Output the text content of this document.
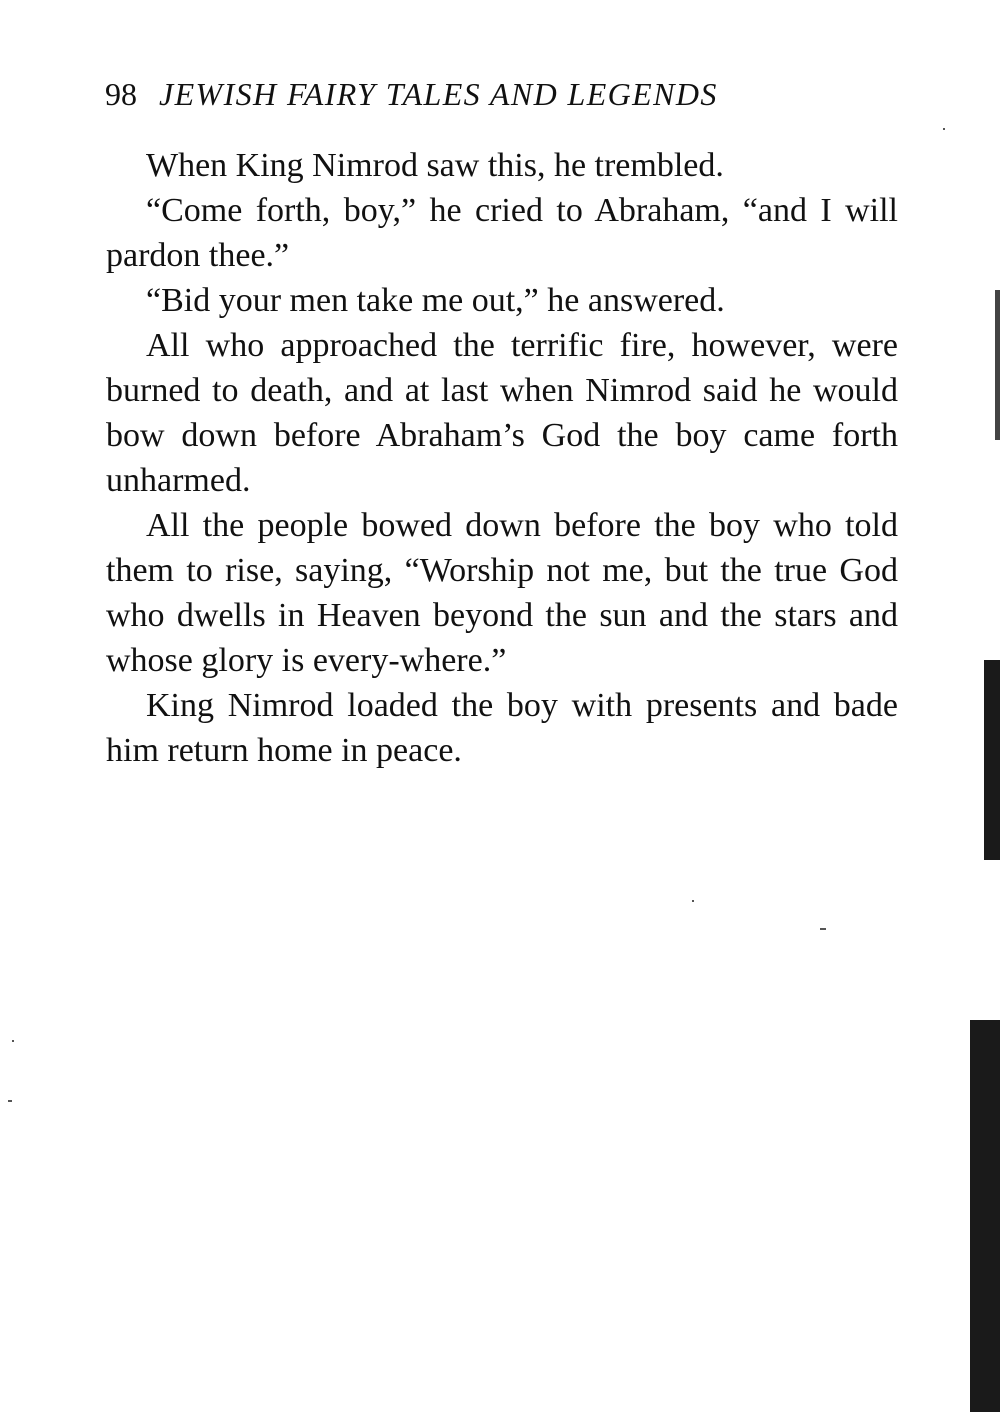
98 JEWISH FAIRY TALES AND LEGENDS

When King Nimrod saw this, he trembled.

“Come forth, boy,” he cried to Abraham, “and I will pardon thee.”

“Bid your men take me out,” he answered.

All who approached the terrific fire, however, were burned to death, and at last when Nimrod said he would bow down before Abraham’s God the boy came forth unharmed.

All the people bowed down before the boy who told them to rise, saying, “Worship not me, but the true God who dwells in Heaven beyond the sun and the stars and whose glory is every-where.”

King Nimrod loaded the boy with presents and bade him return home in peace.
